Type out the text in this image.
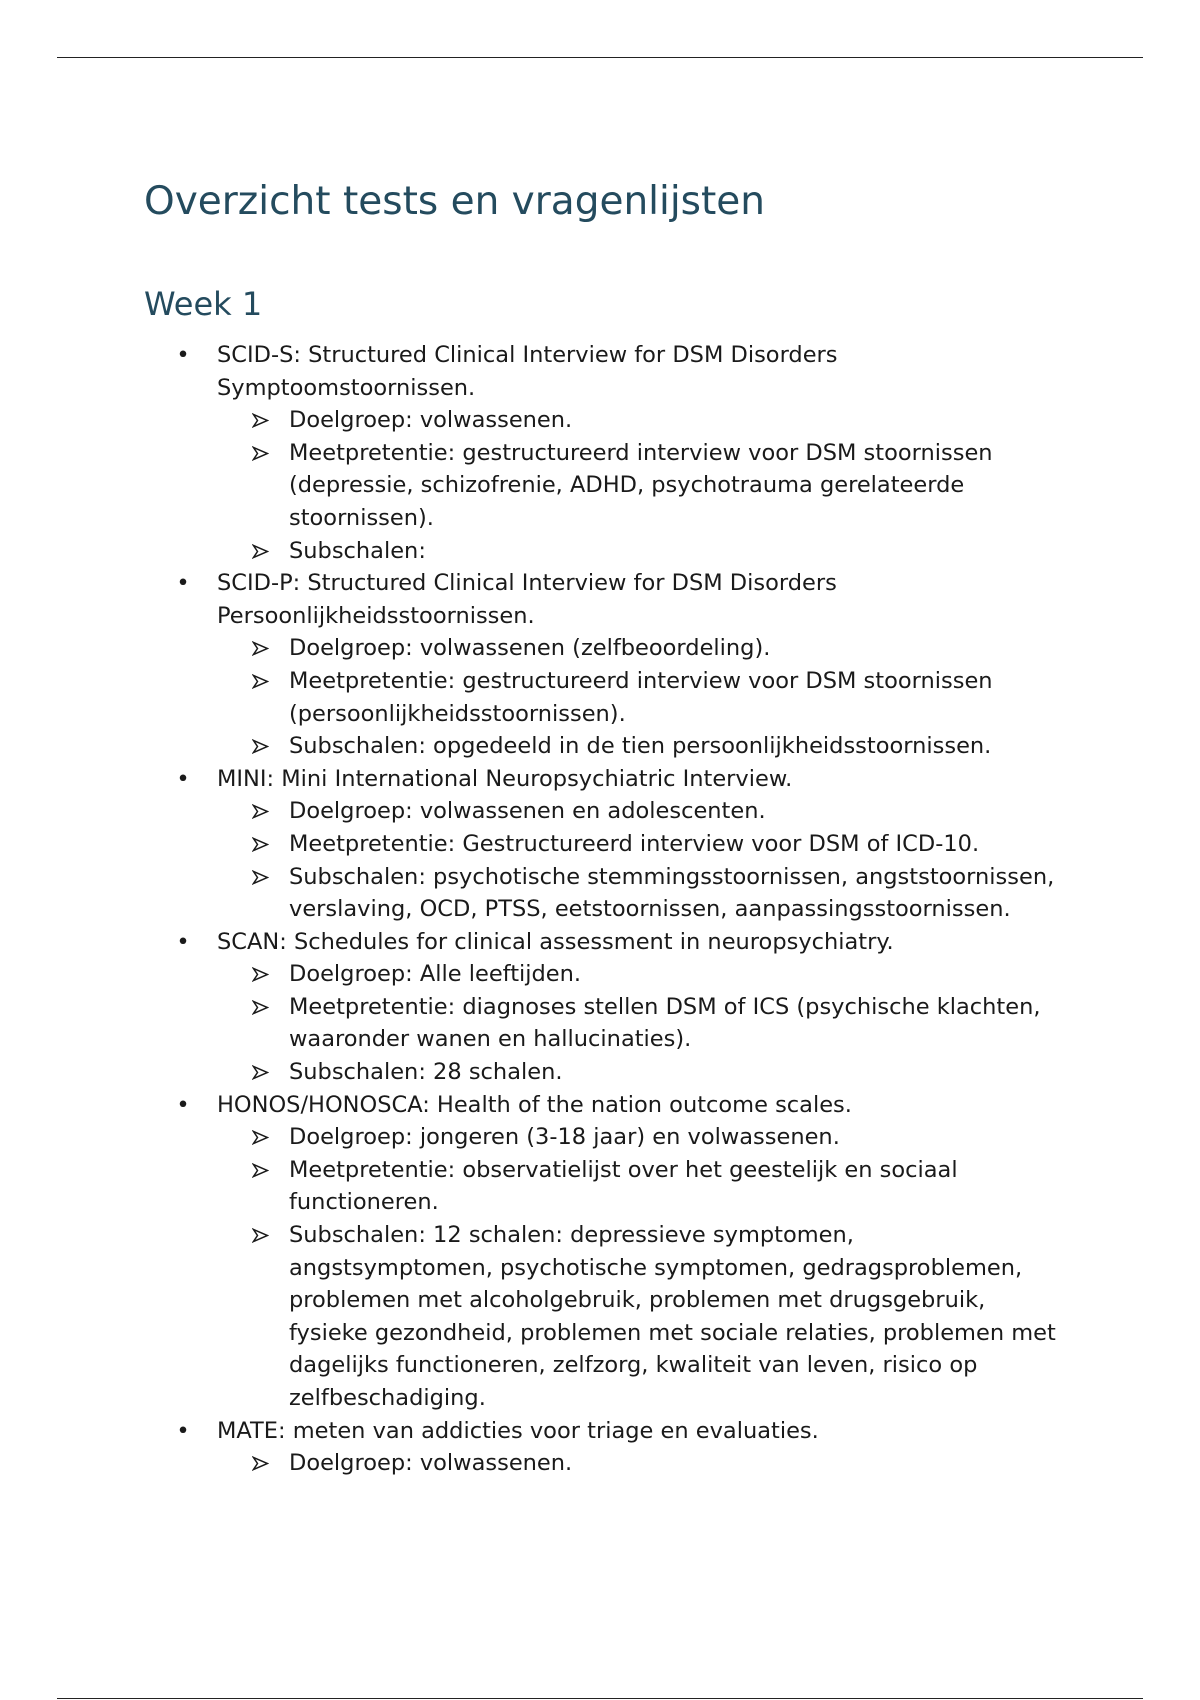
Overzicht tests en vragenlijsten
Week 1
• SCID-S: Structured Clinical Interview for DSM Disorders Symptoomstoornissen.
Doelgroep: volwassenen.
Meetpretentie: gestructureerd interview voor DSM stoornissen (depressie, schizofrenie, ADHD, psychotrauma gerelateerde stoornissen).
Subschalen:
• SCID-P: Structured Clinical Interview for DSM Disorders Persoonlijkheidsstoornissen.
Doelgroep: volwassenen (zelfbeoordeling).
Meetpretentie: gestructureerd interview voor DSM stoornissen (persoonlijkheidsstoornissen).
Subschalen: opgedeeld in de tien persoonlijkheidsstoornissen.
• MINI: Mini International Neuropsychiatric Interview.
Doelgroep: volwassenen en adolescenten.
Meetpretentie: Gestructureerd interview voor DSM of ICD-10.
Subschalen: psychotische stemmingsstoornissen, angststoornissen, verslaving, OCD, PTSS, eetstoornissen, aanpassingsstoornissen.
• SCAN: Schedules for clinical assessment in neuropsychiatry.
Doelgroep: Alle leeftijden.
Meetpretentie: diagnoses stellen DSM of ICS (psychische klachten, waaronder wanen en hallucinaties).
Subschalen: 28 schalen.
• HONOS/HONOSCA: Health of the nation outcome scales.
Doelgroep: jongeren (3-18 jaar) en volwassenen.
Meetpretentie: observatielijst over het geestelijk en sociaal functioneren.
Subschalen: 12 schalen: depressieve symptomen, angstsymptomen, psychotische symptomen, gedragsproblemen, problemen met alcoholgebruik, problemen met drugsgebruik, fysieke gezondheid, problemen met sociale relaties, problemen met dagelijks functioneren, zelfzorg, kwaliteit van leven, risico op zelfbeschadiging.
• MATE: meten van addicties voor triage en evaluaties.
Doelgroep: volwassenen.
